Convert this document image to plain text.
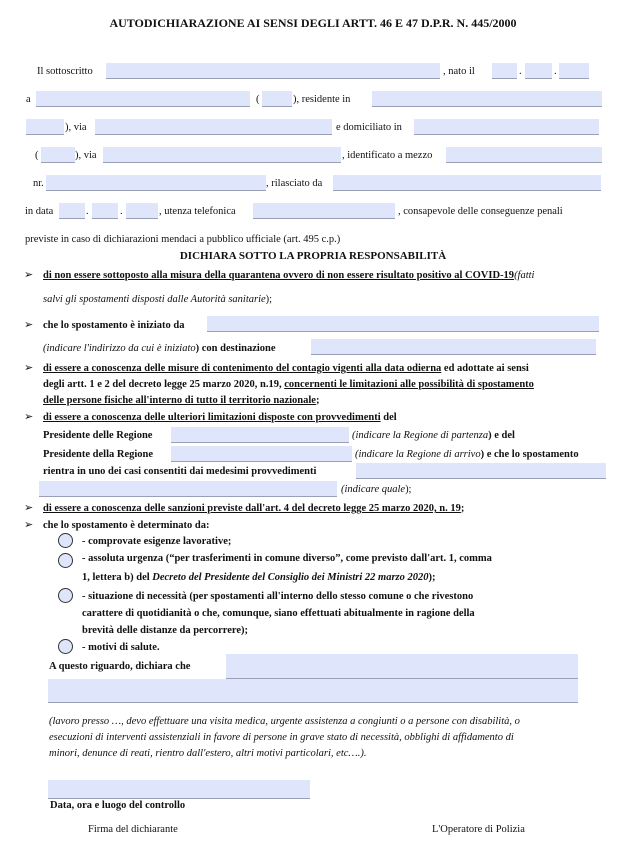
AUTODICHIARAZIONE AI SENSI DEGLI ARTT. 46 E 47 D.P.R. N. 445/2000
Il sottoscritto	, nato il	.	.
a	(	), residente in
), via	e domiciliato in
(	), via	, identificato a mezzo
nr.	, rilasciato da
in data	.	.	, utenza telefonica	, consapevole delle conseguenze penali
previste in caso di dichiarazioni mendaci a pubblico ufficiale (art. 495 c.p.)
DICHIARA SOTTO LA PROPRIA RESPONSABILITÀ
➢ di non essere sottoposto alla misura della quarantena ovvero di non essere risultato positivo al COVID-19(fatti
salvi gli spostamenti disposti dalle Autorità sanitarie);
➢ che lo spostamento è iniziato da
(indicare l'indirizzo da cui è iniziato) con destinazione
➢ di essere a conoscenza delle misure di contenimento del contagio vigenti alla data odierna ed adottate ai sensi
degli artt. 1 e 2 del decreto legge 25 marzo 2020, n.19, concernenti le limitazioni alle possibilità di spostamento
delle persone fisiche all'interno di tutto il territorio nazionale;
➢ di essere a conoscenza delle ulteriori limitazioni disposte con provvedimenti del
Presidente delle Regione	(indicare la Regione di partenza) e del
Presidente della Regione	(indicare la Regione di arrivo) e che lo spostamento
rientra in uno dei casi consentiti dai medesimi provvedimenti
(indicare quale);
➢ di essere a conoscenza delle sanzioni previste dall'art. 4 del decreto legge 25 marzo 2020, n. 19;
➢ che lo spostamento è determinato da:
- comprovate esigenze lavorative;
- assoluta urgenza (“per trasferimenti in comune diverso”, come previsto dall'art. 1, comma
1, lettera b) del Decreto del Presidente del Consiglio dei Ministri 22 marzo 2020);
- situazione di necessità (per spostamenti all'interno dello stesso comune o che rivestono
carattere di quotidianità o che, comunque, siano effettuati abitualmente in ragione della
brevità delle distanze da percorrere);
- motivi di salute.
A questo riguardo, dichiara che
(lavoro presso …, devo effettuare una visita medica, urgente assistenza a congiunti o a persone con disabilità, o
esecuzioni di interventi assistenziali in favore di persone in grave stato di necessità, obblighi di affidamento di
minori, denunce di reati, rientro dall'estero, altri motivi particolari, etc….).
Data, ora e luogo del controllo
Firma del dichiarante	L'Operatore di Polizia
